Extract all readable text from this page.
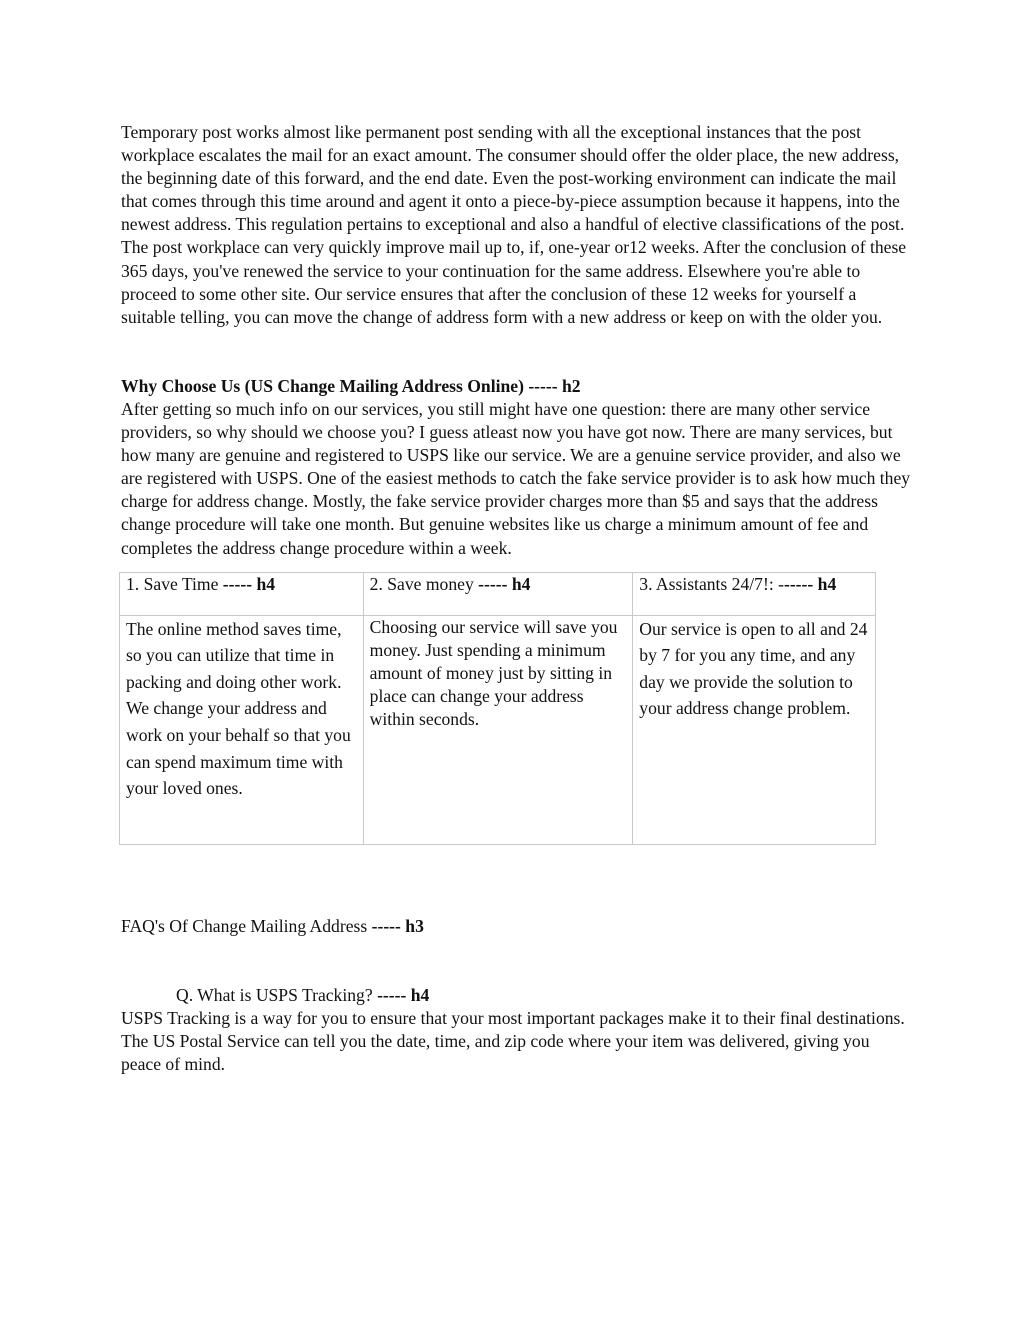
Temporary post works almost like permanent post sending with all the exceptional instances that the post workplace escalates the mail for an exact amount. The consumer should offer the older place, the new address, the beginning date of this forward, and the end date. Even the post-working environment can indicate the mail that comes through this time around and agent it onto a piece-by-piece assumption because it happens, into the newest address. This regulation pertains to exceptional and also a handful of elective classifications of the post. The post workplace can very quickly improve mail up to, if, one-year or12 weeks. After the conclusion of these 365 days, you've renewed the service to your continuation for the same address. Elsewhere you're able to proceed to some other site. Our service ensures that after the conclusion of these 12 weeks for yourself a suitable telling, you can move the change of address form with a new address or keep on with the older you.

Why Choose Us (US Change Mailing Address Online) ----- h2

After getting so much info on our services, you still might have one question: there are many other service providers, so why should we choose you? I guess atleast now you have got now. There are many services, but how many are genuine and registered to USPS like our service. We are a genuine service provider, and also we are registered with USPS. One of the easiest methods to catch the fake service provider is to ask how much they charge for address change. Mostly, the fake service provider charges more than $5 and says that the address change procedure will take one month. But genuine websites like us charge a minimum amount of fee and completes the address change procedure within a week.

1. Save Time ----- h4	2. Save money ----- h4	3. Assistants 24/7!: ------ h4

The online method saves time, so you can utilize that time in packing and doing other work. We change your address and work on your behalf so that you can spend maximum time with your loved ones.	Choosing our service will save you money. Just spending a minimum amount of money just by sitting in place can change your address within seconds.	Our service is open to all and 24 by 7 for you any time, and any day we provide the solution to your address change problem.
FAQ's Of Change Mailing Address ----- h3
Q. What is USPS Tracking? ----- h4

USPS Tracking is a way for you to ensure that your most important packages make it to their final destinations. The US Postal Service can tell you the date, time, and zip code where your item was delivered, giving you peace of mind.
